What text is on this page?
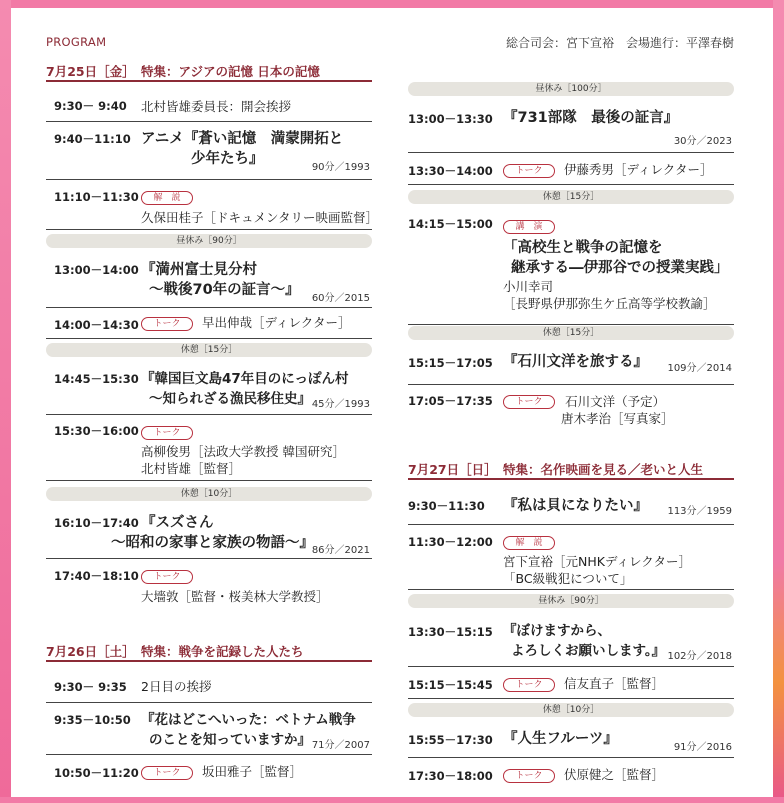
PROGRAM	総合司会：宮下宣裕　会場進行：平澤春樹
7月25日［金］ 特集：アジアの記憶 日本の記憶
9:30－ 9:40 北村皆雄委員長：開会挨拶
9:40－11:10 アニメ『蒼い記憶　満蒙開拓と
少年たち』
90分／1993
11:10－11:30	解　説
久保田桂子［ドキュメンタリー映画監督］
昼休み［90分］
13:00－14:00 『満州富士見分村
～戦後70年の証言～』
60分／2015
14:00－14:30	トーク 早出伸哉［ディレクター］
休憩［15分］
14:45－15:30 『韓国巨文島47年目のにっぽん村
～知られざる漁民移住史』 45分／1993
15:30－16:00	トーク
高柳俊男［法政大学教授 韓国研究］
北村皆雄［監督］
休憩［10分］
16:10－17:40 『スズさん
～昭和の家事と家族の物語～』
86分／2021
17:40－18:10	トーク
大墻敦［監督・桜美林大学教授］
7月26日［土］ 特集：戦争を記録した人たち
9:30－ 9:35 2日目の挨拶
9:35－10:50 『花はどこへいった：ベトナム戦争
のことを知っていますか』 71分／2007
10:50－11:20	トーク 坂田雅子［監督］
昼休み［100分］
13:00－13:30 『731部隊　最後の証言』
30分／2023
13:30－14:00	トーク 伊藤秀男［ディレクター］
休憩［15分］
14:15－15:00	講　演
「高校生と戦争の記憶を
継承する―伊那谷での授業実践」
小川幸司
［長野県伊那弥生ケ丘高等学校教諭］
休憩［15分］
15:15－17:05 『石川文洋を旅する』	109分／2014
17:05－17:35	トーク 石川文洋（予定）
唐木孝治［写真家］
7月27日［日］ 特集：名作映画を見る／老いと人生
9:30－11:30 『私は貝になりたい』	113分／1959
11:30－12:00	解　説
宮下宣裕［元NHKディレクター］
「BC級戦犯について」
昼休み［90分］
13:30－15:15 『ぼけますから、
よろしくお願いします。』 102分／2018
15:15－15:45	トーク 信友直子［監督］
休憩［10分］
15:55－17:30 『人生フルーツ』
91分／2016
17:30－18:00	トーク 伏原健之［監督］
